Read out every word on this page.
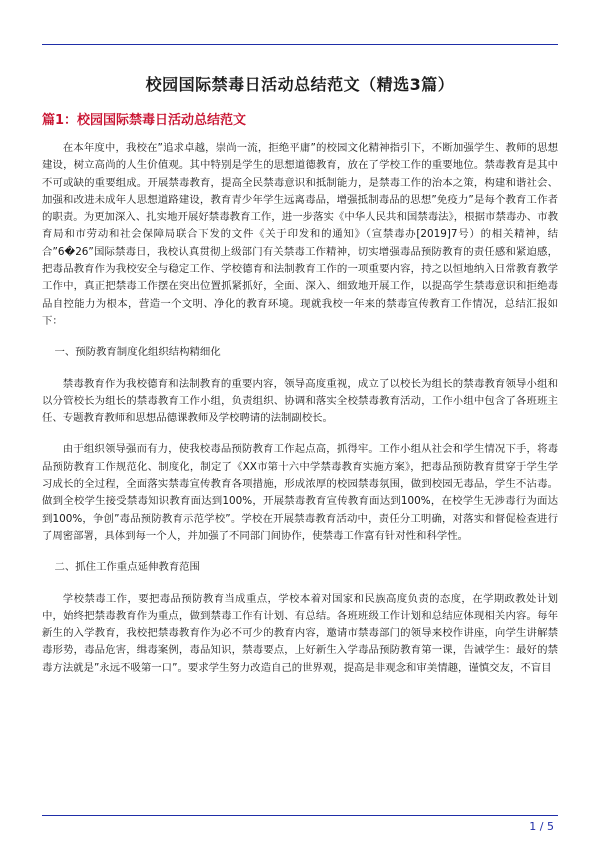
校园国际禁毒日活动总结范文（精选3篇）
篇1：校园国际禁毒日活动总结范文

在本年度中，我校在”追求卓越，崇尚一流，拒绝平庸”的校园文化精神指引下，不断加强学生、教师的思想建设，树立高尚的人生价值观。其中特别是学生的思想道德教育，放在了学校工作的重要地位。禁毒教育是其中不可或缺的重要组成。开展禁毒教育，提高全民禁毒意识和抵制能力，是禁毒工作的治本之策，构建和谐社会、加强和改进未成年人思想道路建设，教育青少年学生远离毒品，增强抵制毒品的思想”免疫力”是每个教育工作者的职责。为更加深入、扎实地开展好禁毒教育工作，进一步落实《中华人民共和国禁毒法》，根据市禁毒办、市教育局和市劳动和社会保障局联合下发的文件《关于印发和的通知》（宣禁毒办[2019]7号）的相关精神，结合”6�26”国际禁毒日，我校认真贯彻上级部门有关禁毒工作精神，切实增强毒品预防教育的责任感和紧迫感，把毒品教育作为我校安全与稳定工作、学校德育和法制教育工作的一项重要内容，持之以恒地纳入日常教育教学工作中，真正把禁毒工作摆在突出位置抓紧抓好，全面、深入、细致地开展工作，以提高学生禁毒意识和拒绝毒品自控能力为根本，营造一个文明、净化的教育环境。现就我校一年来的禁毒宣传教育工作情况，总结汇报如下：

一、预防教育制度化组织结构精细化

禁毒教育作为我校德育和法制教育的重要内容，领导高度重视，成立了以校长为组长的禁毒教育领导小组和以分管校长为组长的禁毒教育工作小组，负责组织、协调和落实全校禁毒教育活动，工作小组中包含了各班班主任、专题教育教师和思想品德课教师及学校聘请的法制副校长。

由于组织领导强而有力，使我校毒品预防教育工作起点高，抓得牢。工作小组从社会和学生情况下手，将毒品预防教育工作规范化、制度化，制定了《XX市第十六中学禁毒教育实施方案》，把毒品预防教育贯穿于学生学习成长的全过程，全面落实禁毒宣传教育各项措施，形成浓厚的校园禁毒氛围，做到校园无毒品，学生不沾毒。做到全校学生接受禁毒知识教育面达到100%，开展禁毒教育宣传教育面达到100%，在校学生无涉毒行为面达到100%，争创”毒品预防教育示范学校”。学校在开展禁毒教育活动中，责任分工明确，对落实和督促检查进行了周密部署，具体到每一个人，并加强了不同部门间协作，使禁毒工作富有针对性和科学性。

二、抓住工作重点延伸教育范围

学校禁毒工作，要把毒品预防教育当成重点，学校本着对国家和民族高度负责的态度，在学期政教处计划中，始终把禁毒教育作为重点，做到禁毒工作有计划、有总结。各班班级工作计划和总结应体现相关内容。每年新生的入学教育，我校把禁毒教育作为必不可少的教育内容，邀请市禁毒部门的领导来校作讲座，向学生讲解禁毒形势，毒品危害，缉毒案例，毒品知识，禁毒要点，上好新生入学毒品预防教育第一课，告诫学生：最好的禁毒方法就是”永远不吸第一口”。要求学生努力改造自己的世界观，提高是非观念和审美情趣，谨慎交友，不盲目

1 / 5
